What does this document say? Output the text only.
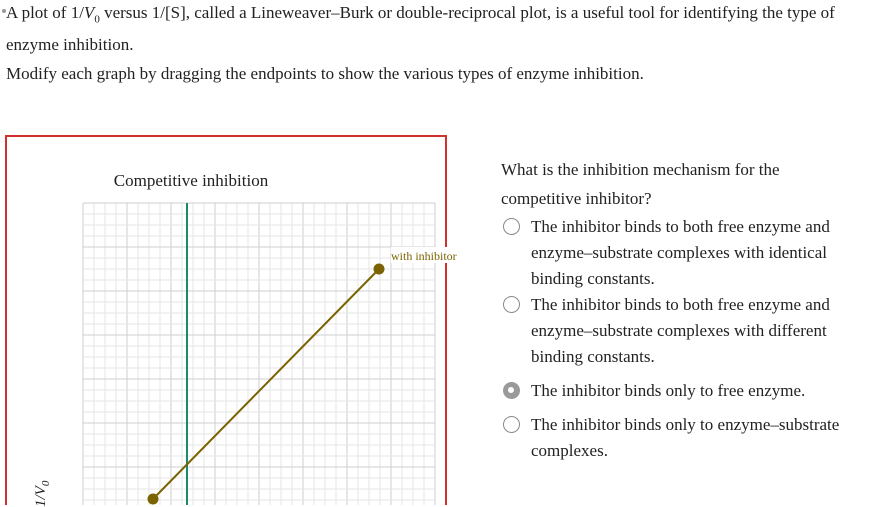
A plot of $1/V_0$ versus 1/[S], called a Lineweaver–Burk or double-reciprocal plot, is a useful tool for identifying the type of
enzyme inhibition.
Modify each graph by dragging the endpoints to show the various types of enzyme inhibition.
Competitive inhibition
$1/V_0$
with inhibitor
What is the inhibition mechanism for the competitive inhibitor?
The inhibitor binds to both free enzyme and enzyme–substrate complexes with identical binding constants.
The inhibitor binds to both free enzyme and enzyme–substrate complexes with different binding constants.
The inhibitor binds only to free enzyme.
The inhibitor binds only to enzyme–substrate complexes.
